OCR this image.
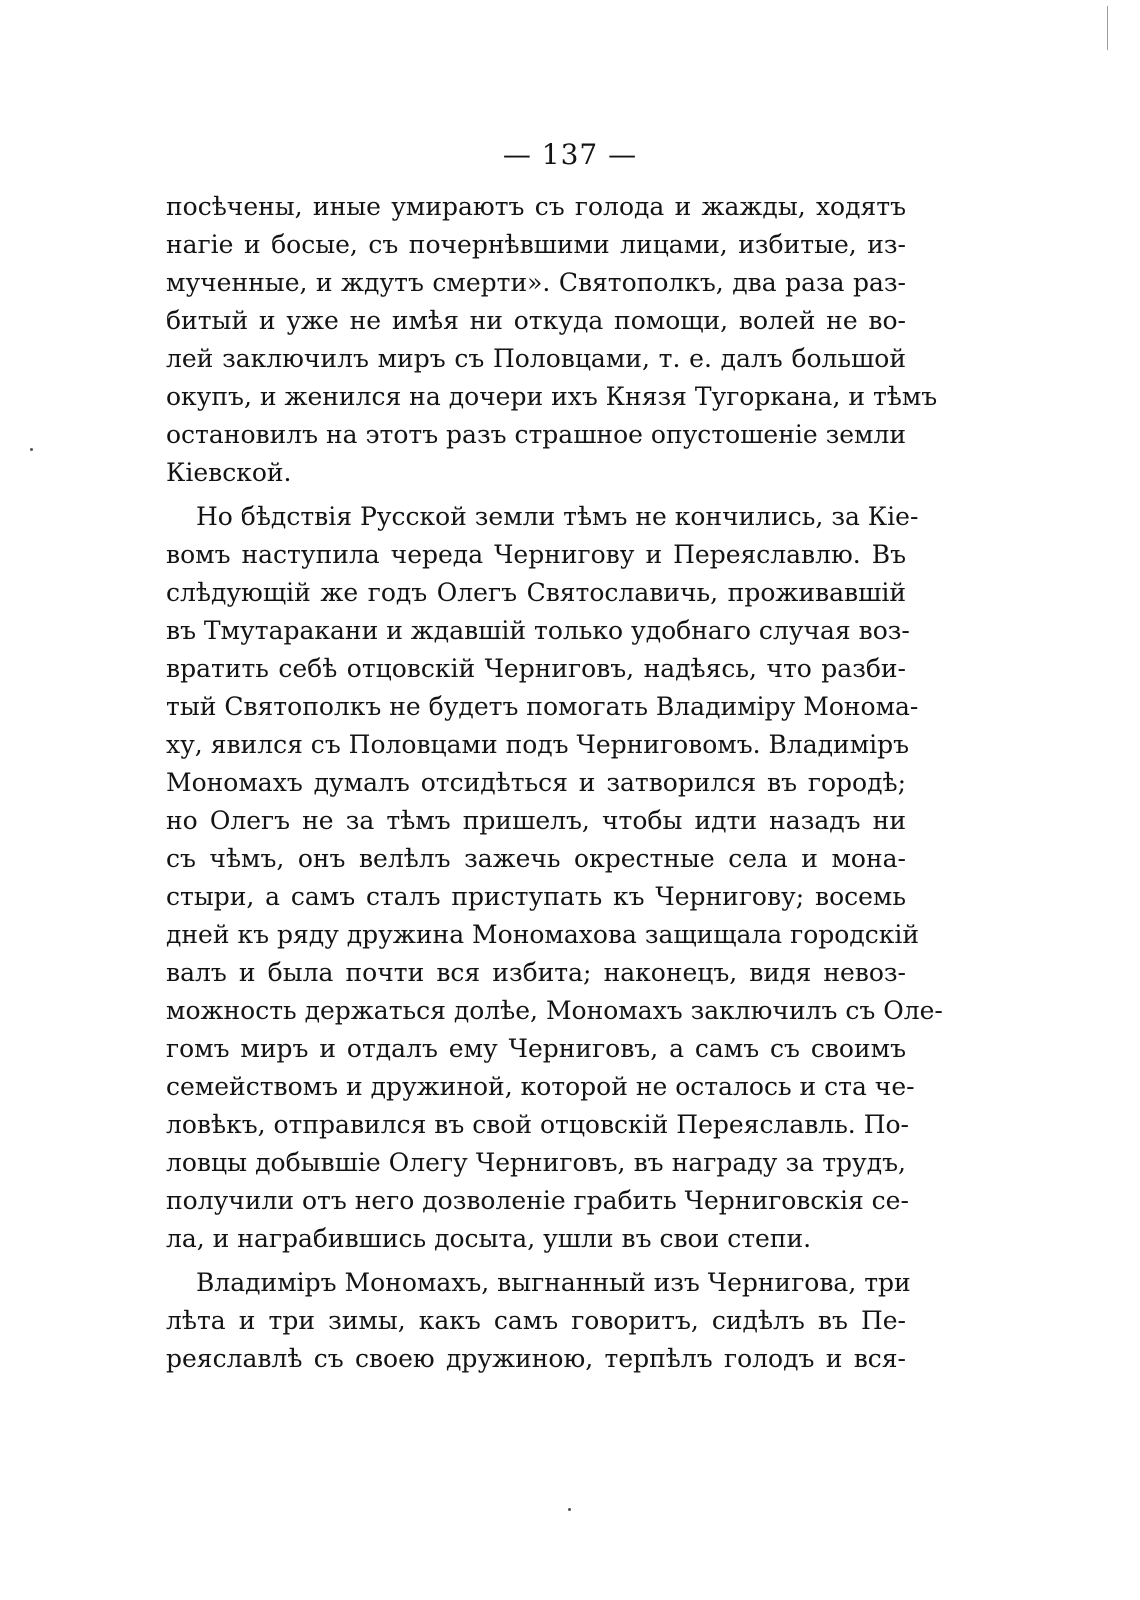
— 137 —
посѣчены, иные умираютъ съ голода и жажды, ходятъ
нагіе и босые, съ почернѣвшими лицами, избитые, из-
мученные, и ждутъ смерти». Святополкъ, два раза раз-
битый и уже не имѣя ни откуда помощи, волей не во-
лей заключилъ миръ съ Половцами, т. е. далъ большой
окупъ, и женился на дочери ихъ Князя Тугоркана, и тѣмъ
остановилъ на этотъ разъ страшное опустошеніе земли
Кіевской.
Но бѣдствія Русской земли тѣмъ не кончились, за Кіе-
вомъ наступила череда Чернигову и Переяславлю. Въ
слѣдующій же годъ Олегъ Святославичь, проживавшій
въ Тмутаракани и ждавшій только удобнаго случая воз-
вратить себѣ отцовскій Черниговъ, надѣясь, что разби-
тый Святополкъ не будетъ помогать Владиміру Монома-
ху, явился съ Половцами подъ Черниговомъ. Владиміръ
Мономахъ думалъ отсидѣться и затворился въ городѣ;
но Олегъ не за тѣмъ пришелъ, чтобы идти назадъ ни
съ чѣмъ, онъ велѣлъ зажечь окрестные села и мона-
стыри, а самъ сталъ приступать къ Чернигову; восемь
дней къ ряду дружина Мономахова защищала городскій
валъ и была почти вся избита; наконецъ, видя невоз-
можность держаться долѣе, Мономахъ заключилъ съ Оле-
гомъ миръ и отдалъ ему Черниговъ, а самъ съ своимъ
семействомъ и дружиной, которой не осталось и ста че-
ловѣкъ, отправился въ свой отцовскій Переяславль. По-
ловцы добывшіе Олегу Черниговъ, въ награду за трудъ,
получили отъ него дозволеніе грабить Черниговскія се-
ла, и награбившись досыта, ушли въ свои степи.
Владиміръ Мономахъ, выгнанный изъ Чернигова, три
лѣта и три зимы, какъ самъ говоритъ, сидѣлъ въ Пе-
реяславлѣ съ своею дружиною, терпѣлъ голодъ и вся-
